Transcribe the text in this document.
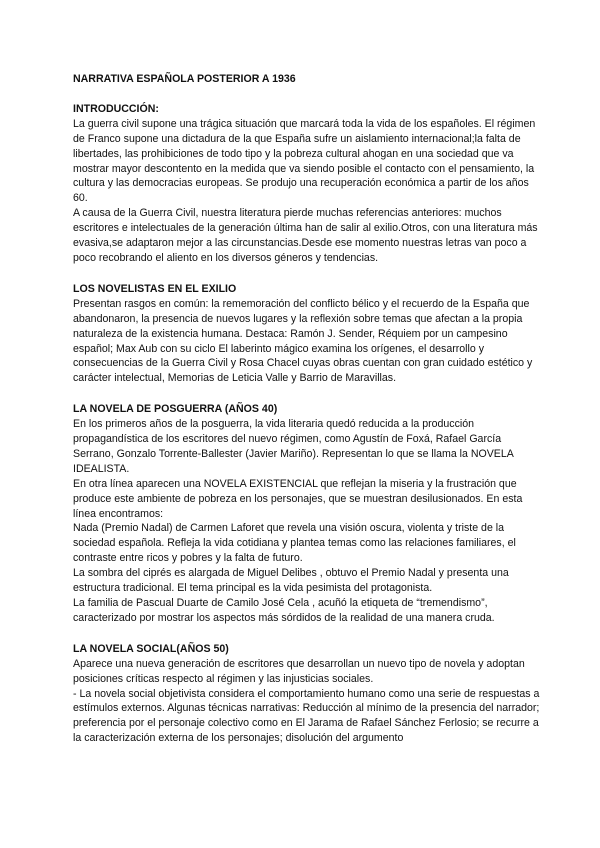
NARRATIVA ESPAÑOLA POSTERIOR A 1936
INTRODUCCIÓN:

La guerra civil supone una trágica situación que marcará toda la vida de los españoles. El régimen de Franco supone una dictadura de la que España sufre un aislamiento internacional;la falta de libertades, las prohibiciones de todo tipo y la pobreza cultural ahogan en una sociedad que va mostrar mayor descontento en la medida que va siendo posible el contacto con el pensamiento, la cultura y las democracias europeas. Se produjo una recuperación económica a partir de los años 60.

A causa de la Guerra Civil, nuestra literatura pierde muchas referencias anteriores: muchos escritores e intelectuales de la generación última han de salir al exilio.Otros, con una literatura más evasiva,se adaptaron mejor a las circunstancias.Desde ese momento nuestras letras van poco a poco recobrando el aliento en los diversos géneros y tendencias.

LOS NOVELISTAS EN EL EXILIO

Presentan rasgos en común: la rememoración del conflicto bélico y el recuerdo de la España que abandonaron, la presencia de nuevos lugares y la reflexión sobre temas que afectan a la propia naturaleza de la existencia humana. Destaca: Ramón J. Sender, Réquiem por un campesino español; Max Aub con su ciclo El laberinto mágico examina los orígenes, el desarrollo y consecuencias de la Guerra Civil y Rosa Chacel cuyas obras cuentan con gran cuidado estético y carácter intelectual, Memorias de Leticia Valle y Barrio de Maravillas.

LA NOVELA DE POSGUERRA (AÑOS 40)

En los primeros años de la posguerra, la vida literaria quedó reducida a la producción propagandística de los escritores del nuevo régimen, como Agustín de Foxá, Rafael García Serrano, Gonzalo Torrente-Ballester (Javier Mariño). Representan lo que se llama la NOVELA IDEALISTA.

En otra línea aparecen una NOVELA EXISTENCIAL que reflejan la miseria y la frustración que produce este ambiente de pobreza en los personajes, que se muestran desilusionados. En esta línea encontramos:

Nada (Premio Nadal) de Carmen Laforet que revela una visión oscura, violenta y triste de la sociedad española. Refleja la vida cotidiana y plantea temas como las relaciones familiares, el contraste entre ricos y pobres y la falta de futuro.

La sombra del ciprés es alargada de Miguel Delibes , obtuvo el Premio Nadal y presenta una estructura tradicional. El tema principal es la vida pesimista del protagonista.

La familia de Pascual Duarte de Camilo José Cela , acuñó la etiqueta de “tremendismo”, caracterizado por mostrar los aspectos más sórdidos de la realidad de una manera cruda.

LA NOVELA SOCIAL(AÑOS 50)

Aparece una nueva generación de escritores que desarrollan un nuevo tipo de novela y adoptan posiciones críticas respecto al régimen y las injusticias sociales.

- La novela social objetivista considera el comportamiento humano como una serie de respuestas a

estímulos externos. Algunas técnicas narrativas: Reducción al mínimo de la presencia del narrador; preferencia por el personaje colectivo como en El Jarama de Rafael Sánchez Ferlosio; se recurre a la caracterización externa de los personajes; disolución del argumento
